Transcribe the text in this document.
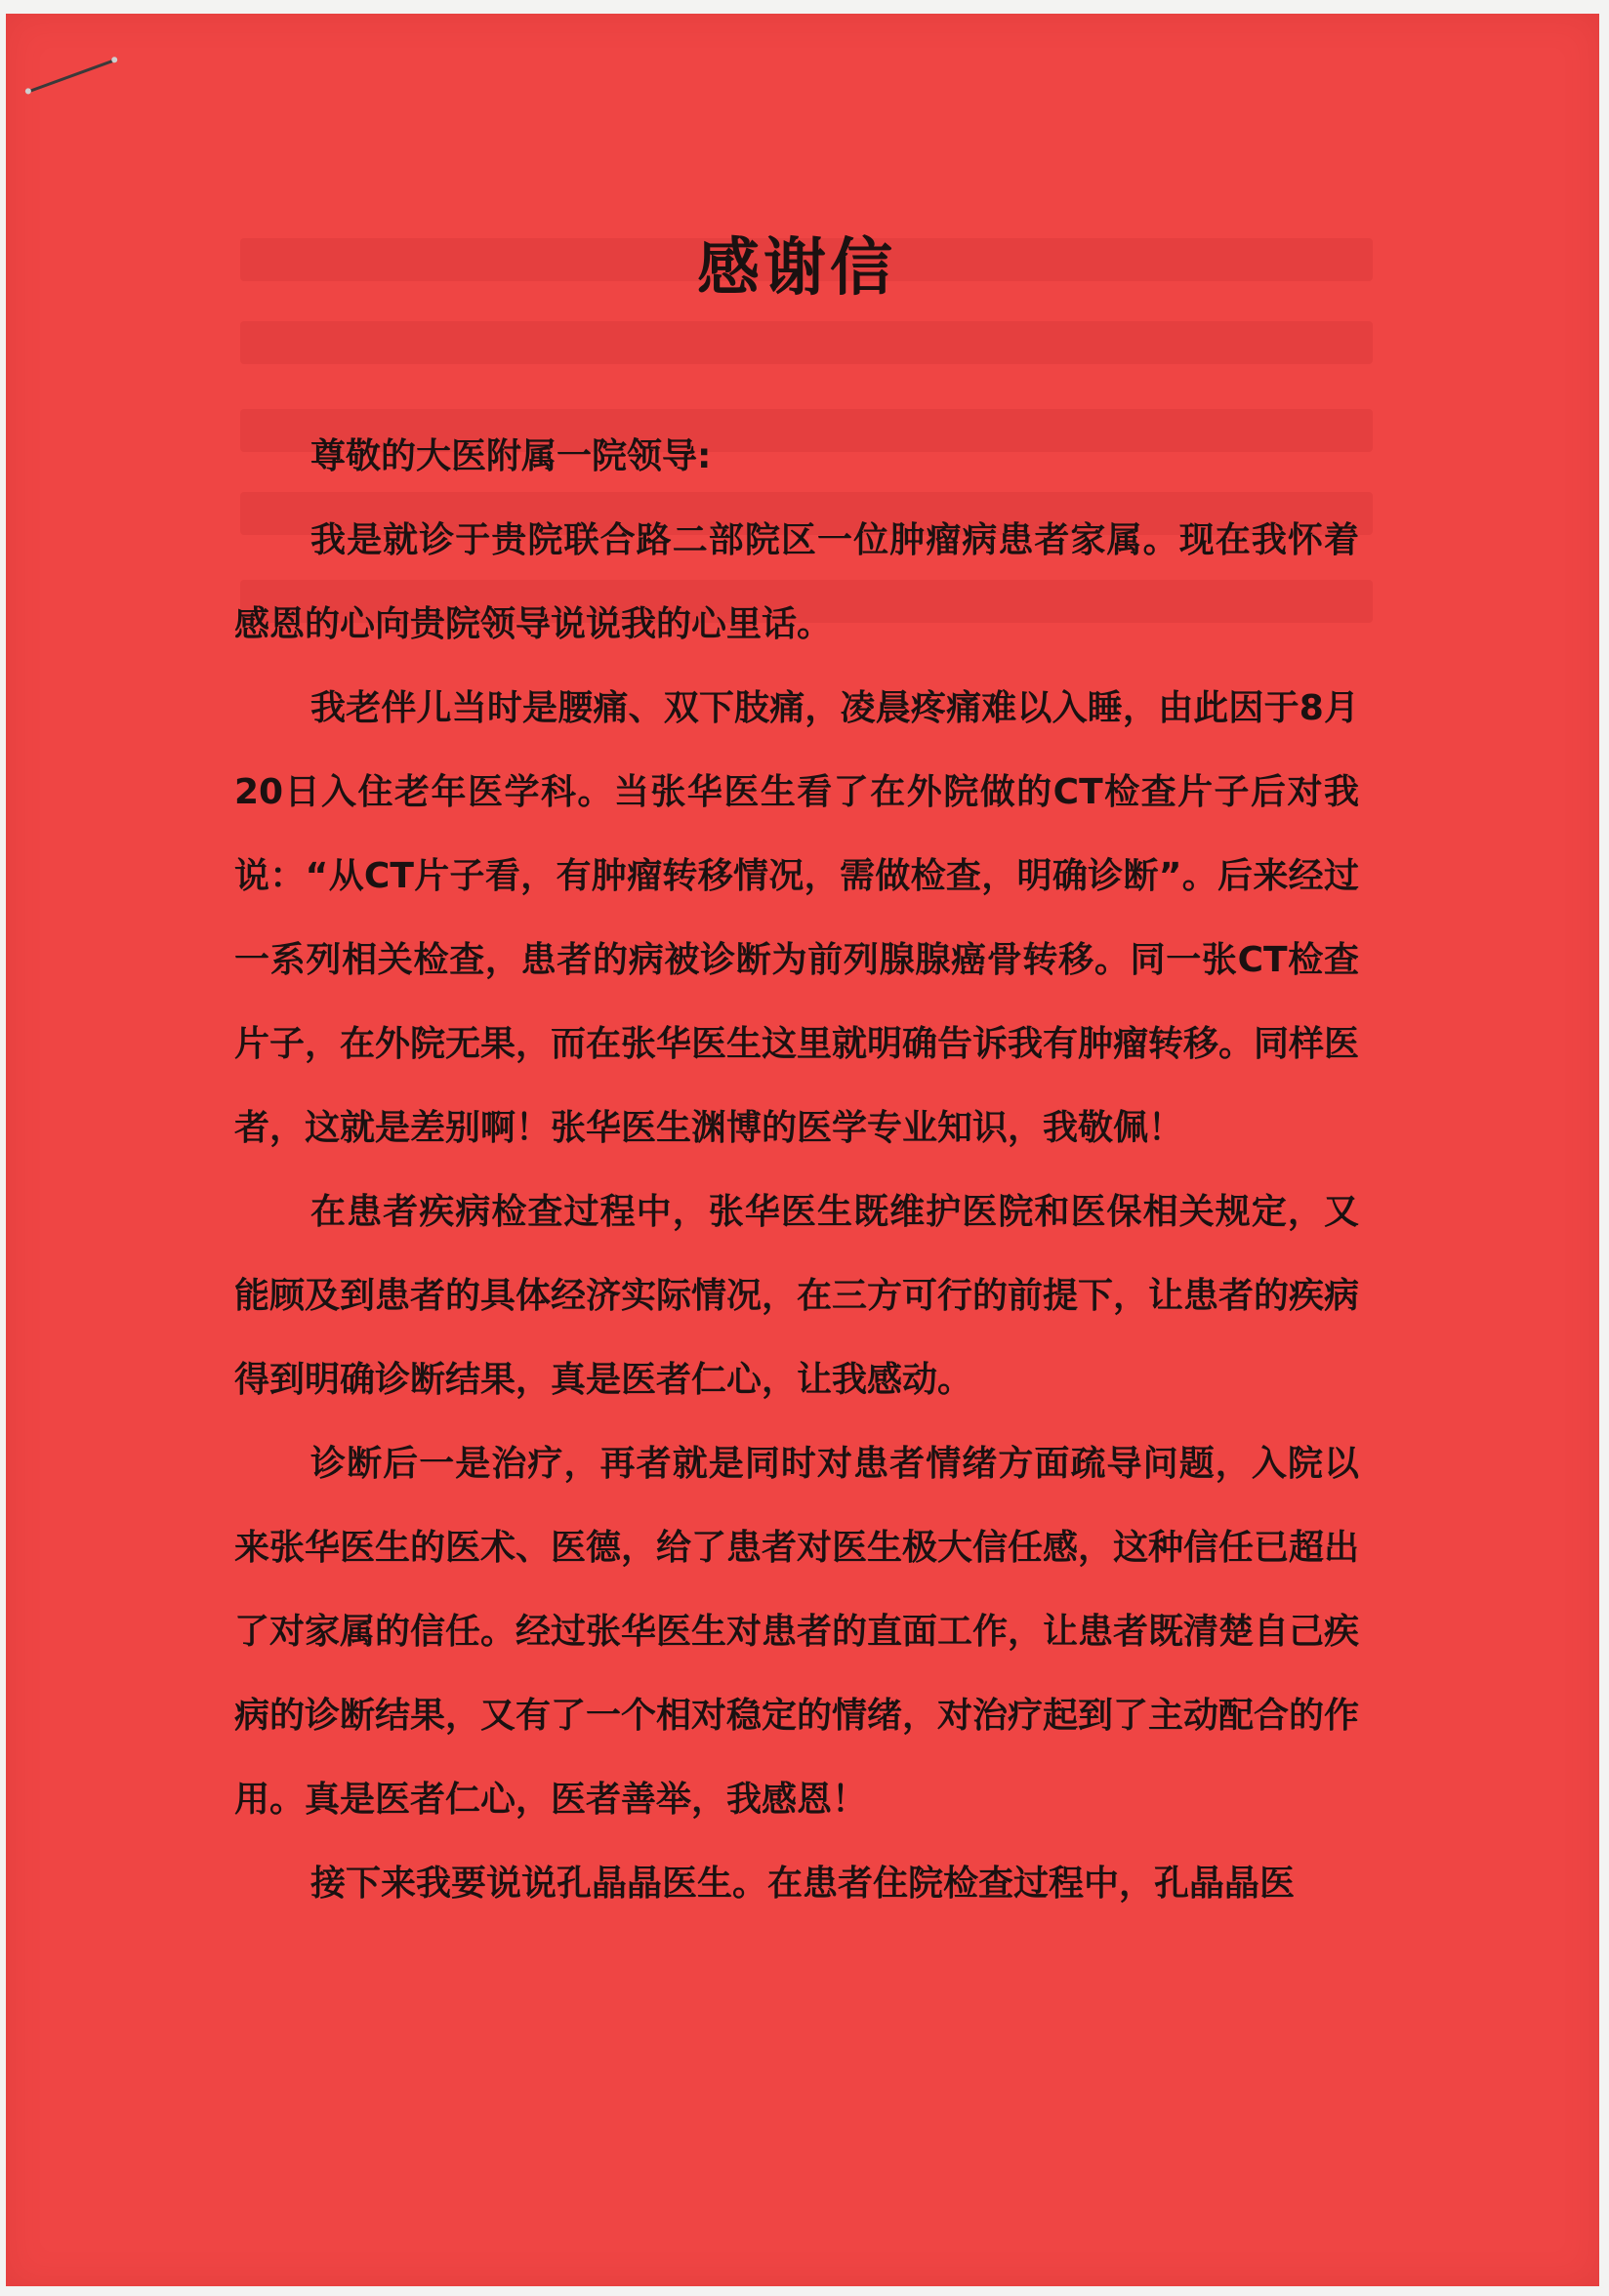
感谢信

尊敬的大医附属一院领导:

我是就诊于贵院联合路二部院区一位肿瘤病患者家属。现在我怀着感恩的心向贵院领导说说我的心里话。

我老伴儿当时是腰痛、双下肢痛，凌晨疼痛难以入睡，由此因于8月20日入住老年医学科。当张华医生看了在外院做的CT检查片子后对我说：“从CT片子看，有肿瘤转移情况，需做检查，明确诊断”。后来经过一系列相关检查，患者的病被诊断为前列腺腺癌骨转移。同一张CT检查片子，在外院无果，而在张华医生这里就明确告诉我有肿瘤转移。同样医者，这就是差别啊！张华医生渊博的医学专业知识，我敬佩！

在患者疾病检查过程中，张华医生既维护医院和医保相关规定，又能顾及到患者的具体经济实际情况，在三方可行的前提下，让患者的疾病得到明确诊断结果，真是医者仁心，让我感动。

诊断后一是治疗，再者就是同时对患者情绪方面疏导问题，入院以来张华医生的医术、医德，给了患者对医生极大信任感，这种信任已超出了对家属的信任。经过张华医生对患者的直面工作，让患者既清楚自己疾病的诊断结果，又有了一个相对稳定的情绪，对治疗起到了主动配合的作用。真是医者仁心，医者善举，我感恩！

接下来我要说说孔晶晶医生。在患者住院检查过程中，孔晶晶医
